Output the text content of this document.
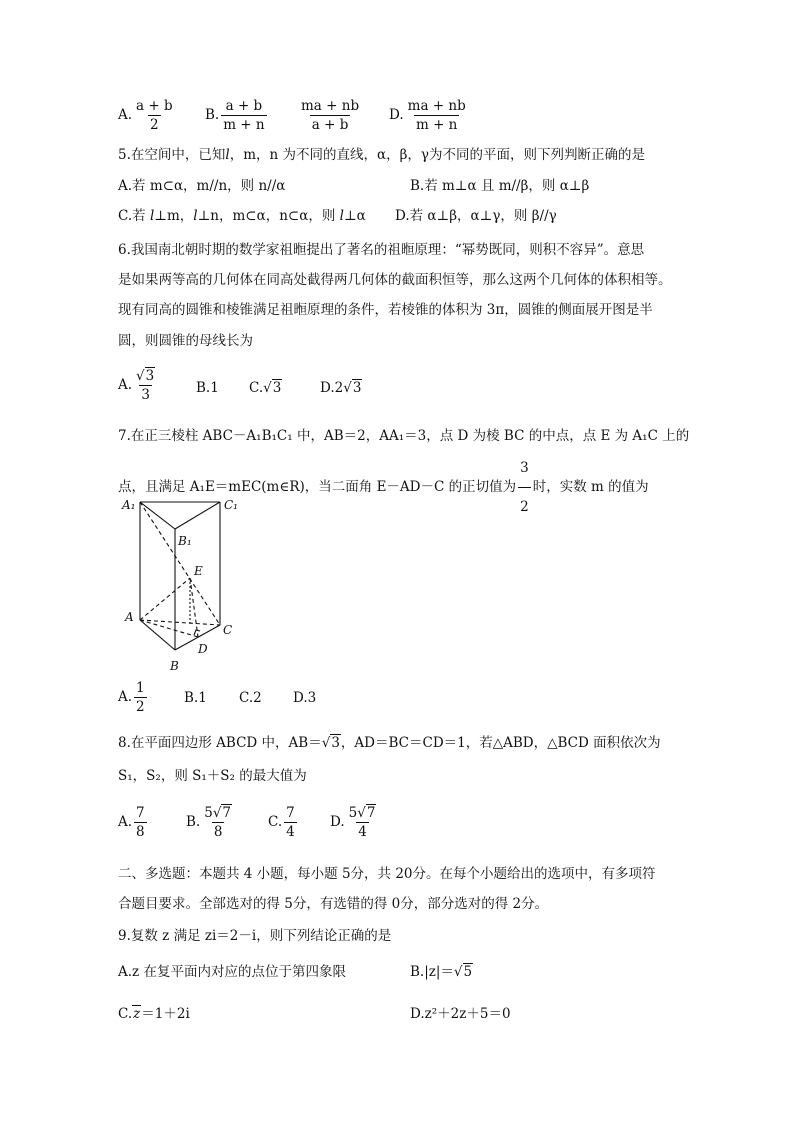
A. $\frac{a + b}{2} B$. $\frac{a + b}{m + n} \frac{ma + nb}{a + b} D$. $\frac{ma + nb}{m + n}$
5.在空间中，已知l，m，n 为不同的直线，α，β，γ为不同的平面，则下列判断正确的是
A.若 m⊂α，m//n，则 n//α	B.若 m⊥α 且 m//β，则 α⊥β
C.若 l⊥m，l⊥n，m⊂α，n⊂α，则 l⊥α D.若 α⊥β，α⊥γ，则 β//γ
6.我国南北朝时期的数学家祖暅提出了著名的祖暅原理：“幂势既同，则积不容异”。意思
是如果两等高的几何体在同高处截得两几何体的截面积恒等，那么这两个几何体的体积相等。
现有同高的圆锥和棱锥满足祖暅原理的条件，若棱锥的体积为 3π，圆锥的侧面展开图是半
圆，则圆锥的母线长为
A. $\frac{√3}{3}$	B.1 C.√3	D.2√3
7.在正三棱柱 ABC－A₁B₁C₁ 中，AB＝2，AA₁＝3，点 D 为棱 BC 的中点，点 E 为 A₁C 上的
点，且满足 A₁E＝mEC(m∈R)，当二面角 E－AD－C 的正切值为 $\frac{3}{2}$ 时，实数 m 的值为
A₁	C₁
B₁
E
A
C
D
B
A. $\frac{1}{2}$	B.1 C.2 D.3
8.在平面四边形 ABCD 中，AB＝√3，AD＝BC＝CD＝1，若△ABD，△BCD 面积依次为
S₁，S₂，则 S₁＋S₂ 的最大值为
A. $\frac{7}{8}$	B. $\frac{5√7}{8}$	C. $\frac{7}{4} D$. $\frac{5√7}{4}$
二、多选题：本题共 4 小题，每小题 5分，共 20分。在每个小题给出的选项中，有多项符
合题目要求。全部选对的得 5分，有选错的得 0分，部分选对的得 2分。
9.复数 z 满足 zi＝2－i，则下列结论正确的是
A.z 在复平面内对应的点位于第四象限	B.|z|＝√5
C.z＝1＋2i	D.z²＋2z＋5＝0
